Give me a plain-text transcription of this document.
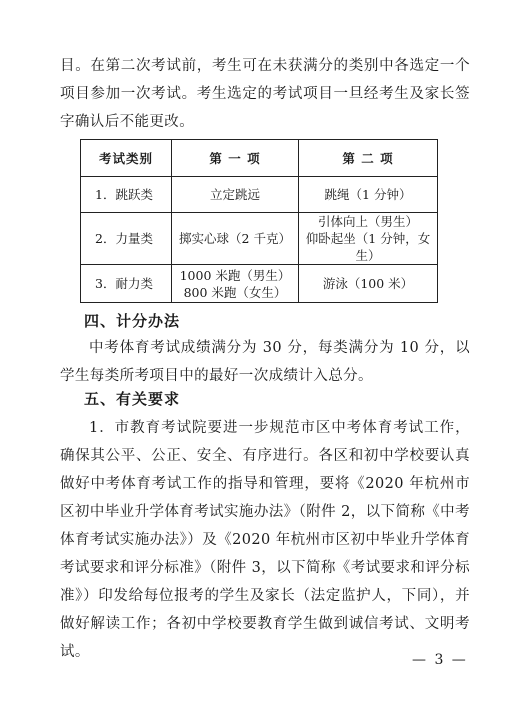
目。在第二次考试前，考生可在未获满分的类别中各选定一个项目参加一次考试。考生选定的考试项目一旦经考生及家长签字确认后不能更改。

考试类别	第 一 项	第 二 项
1．跳跃类	立定跳远	跳绳（1 分钟）

2．力量类	掷实心球（2 千克）	引体向上（男生）
仰卧起坐（1 分钟，女生）

3．耐力类	1000 米跑（男生）
800 米跑（女生）	游泳（100 米）
四、计分办法

中考体育考试成绩满分为 30 分，每类满分为 10 分，以学生每类所考项目中的最好一次成绩计入总分。

五、有关要求

1．市教育考试院要进一步规范市区中考体育考试工作，确保其公平、公正、安全、有序进行。各区和初中学校要认真做好中考体育考试工作的指导和管理，要将《2020 年杭州市区初中毕业升学体育考试实施办法》（附件 2，以下简称《中考体育考试实施办法》）及《2020 年杭州市区初中毕业升学体育考试要求和评分标准》（附件 3，以下简称《考试要求和评分标准》）印发给每位报考的学生及家长（法定监护人，下同），并做好解读工作；各初中学校要教育学生做到诚信考试、文明考试。	— 3 —
